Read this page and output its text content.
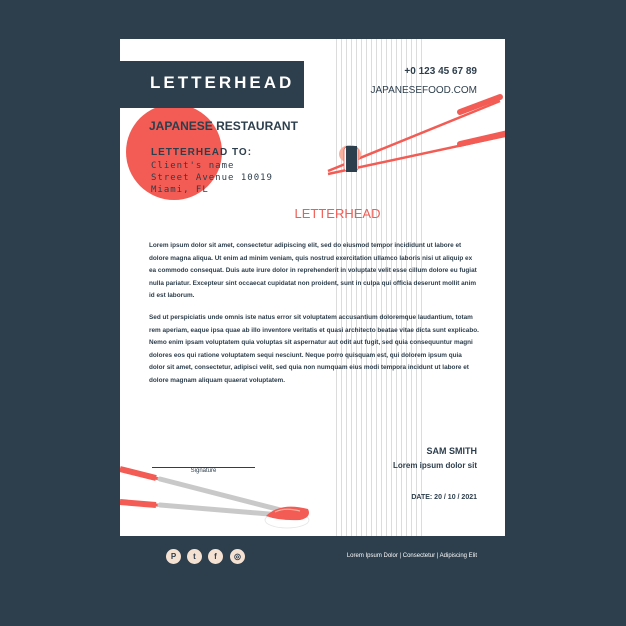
LETTERHEAD
JAPANESE RESTAURANT
LETTERHEAD TO:
Client's name
Street Avenue 10019
Miami, FL
+0 123 45 67 89
JAPANESEFOOD.COM
LETTERHEAD

Lorem ipsum dolor sit amet, consectetur adipiscing elit, sed do eiusmod tempor incididunt ut labore et dolore magna aliqua. Ut enim ad minim veniam, quis nostrud exercitation ullamco laboris nisi ut aliquip ex ea commodo consequat. Duis aute irure dolor in reprehenderit in voluptate velit esse cillum dolore eu fugiat nulla pariatur. Excepteur sint occaecat cupidatat non proident, sunt in culpa qui officia deserunt mollit anim id est laborum.

Sed ut perspiciatis unde omnis iste natus error sit voluptatem accusantium doloremque laudantium, totam rem aperiam, eaque ipsa quae ab illo inventore veritatis et quasi architecto beatae vitae dicta sunt explicabo. Nemo enim ipsam voluptatem quia voluptas sit aspernatur aut odit aut fugit, sed quia consequuntur magni dolores eos qui ratione voluptatem sequi nesciunt. Neque porro quisquam est, qui dolorem ipsum quia dolor sit amet, consectetur, adipisci velit, sed quia non numquam eius modi tempora incidunt ut labore et dolore magnam aliquam quaerat voluptatem.

Signature
SAM SMITH
Lorem ipsum dolor sit
DATE: 20 / 10 / 2021
P	t	f	◎	Lorem Ipsum Dolor | Consectetur | Adipiscing Elit
